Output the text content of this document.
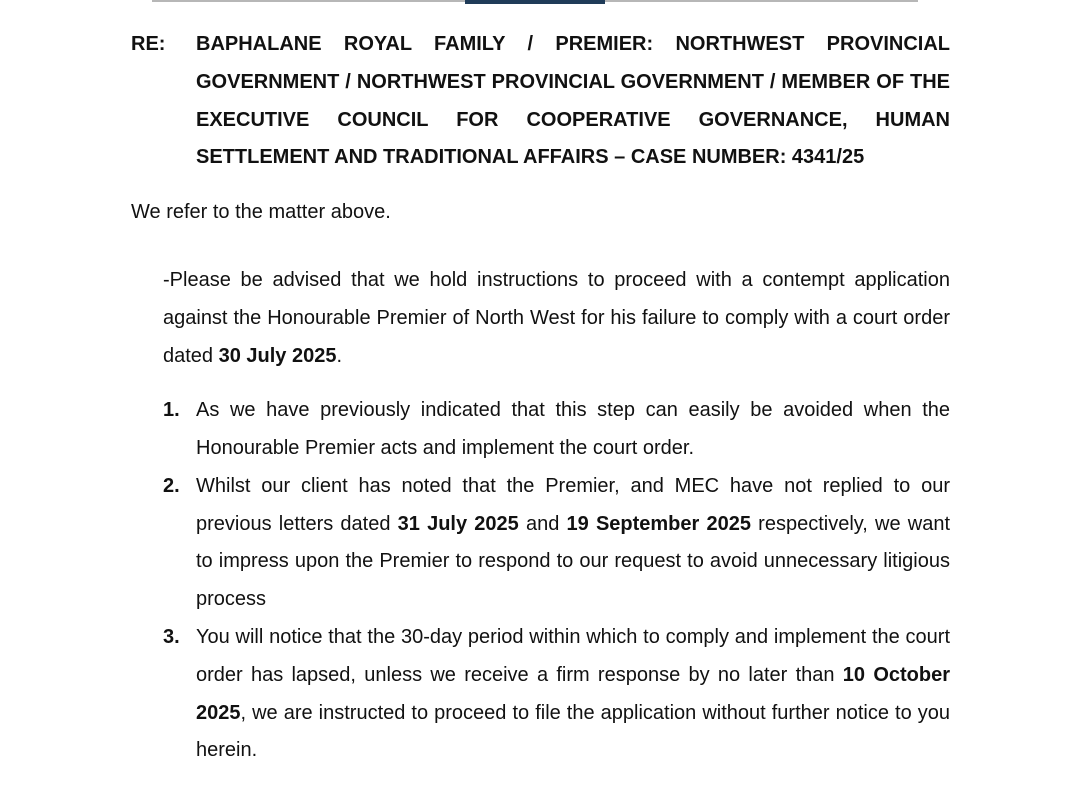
RE:	BAPHALANE ROYAL FAMILY / PREMIER: NORTHWEST PROVINCIAL GOVERNMENT / NORTHWEST PROVINCIAL GOVERNMENT / MEMBER OF THE EXECUTIVE COUNCIL FOR COOPERATIVE GOVERNANCE, HUMAN SETTLEMENT AND TRADITIONAL AFFAIRS – CASE NUMBER: 4341/25
We refer to the matter above.
-Please be advised that we hold instructions to proceed with a contempt application against the Honourable Premier of North West for his failure to comply with a court order dated 30 July 2025.
1. As we have previously indicated that this step can easily be avoided when the Honourable Premier acts and implement the court order.
2. Whilst our client has noted that the Premier, and MEC have not replied to our previous letters dated 31 July 2025 and 19 September 2025 respectively, we want to impress upon the Premier to respond to our request to avoid unnecessary litigious process
3. You will notice that the 30-day period within which to comply and implement the court order has lapsed, unless we receive a firm response by no later than 10 October 2025, we are instructed to proceed to file the application without further notice to you herein.
